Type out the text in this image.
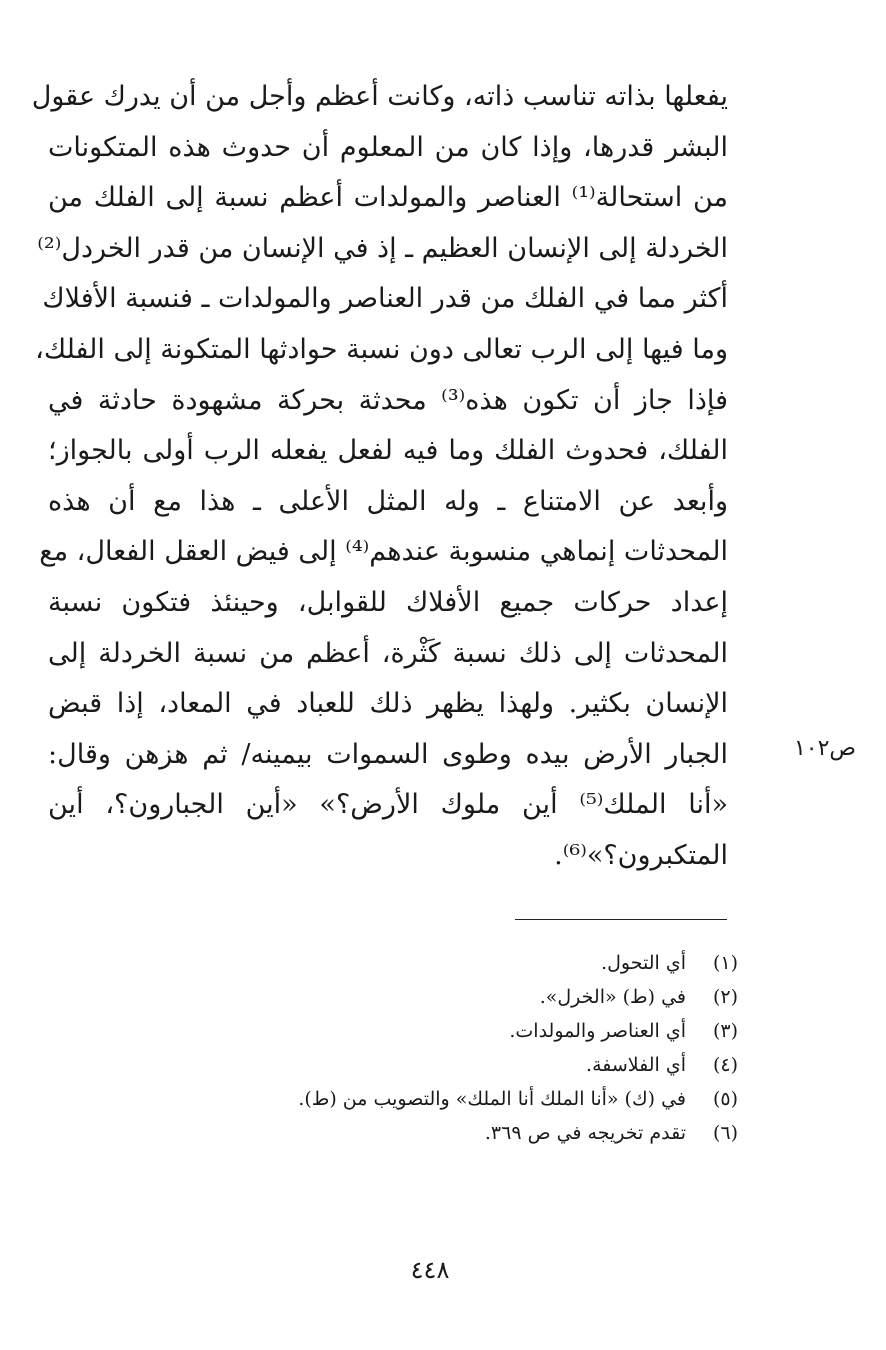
يفعلها بذاته تناسب ذاته، وكانت أعظم وأجل من أن يدرك عقول
البشر قدرها، وإذا كان من المعلوم أن حدوث هذه المتكونات
من استحالة⁽¹⁾ العناصر والمولدات أعظم نسبة إلى الفلك من
الخردلة إلى الإنسان العظيم ـ إذ في الإنسان من قدر الخردل⁽²⁾
أكثر مما في الفلك من قدر العناصر والمولدات ـ فنسبة الأفلاك
وما فيها إلى الرب تعالى دون نسبة حوادثها المتكونة إلى الفلك،
فإذا جاز أن تكون هذه⁽³⁾ محدثة بحركة مشهودة حادثة في
الفلك، فحدوث الفلك وما فيه لفعل يفعله الرب أولى بالجواز؛
وأبعد عن الامتناع ـ وله المثل الأعلى ـ هذا مع أن هذه
المحدثات إنماهي منسوبة عندهم⁽⁴⁾ إلى فيض العقل الفعال، مع
إعداد حركات جميع الأفلاك للقوابل، وحينئذ فتكون نسبة
المحدثات إلى ذلك نسبة كَثْرة، أعظم من نسبة الخردلة إلى
الإنسان بكثير. ولهذا يظهر ذلك للعباد في المعاد، إذا قبض
الجبار الأرض بيده وطوى السموات بيمينه/ ثم هزهن وقال:
«أنا الملك⁽⁵⁾ أين ملوك الأرض؟» «أين الجبارون؟، أين
المتكبرون؟»⁽⁶⁾.
ص١٠٢
(١)
أي التحول.
(٢)
في (ط) «الخرل».
(٣)
أي العناصر والمولدات.
(٤)
أي الفلاسفة.
(٥)
في (ك) «أنا الملك أنا الملك» والتصويب من (ط).
(٦)
تقدم تخريجه في ص ٣٦٩.
٤٤٨
